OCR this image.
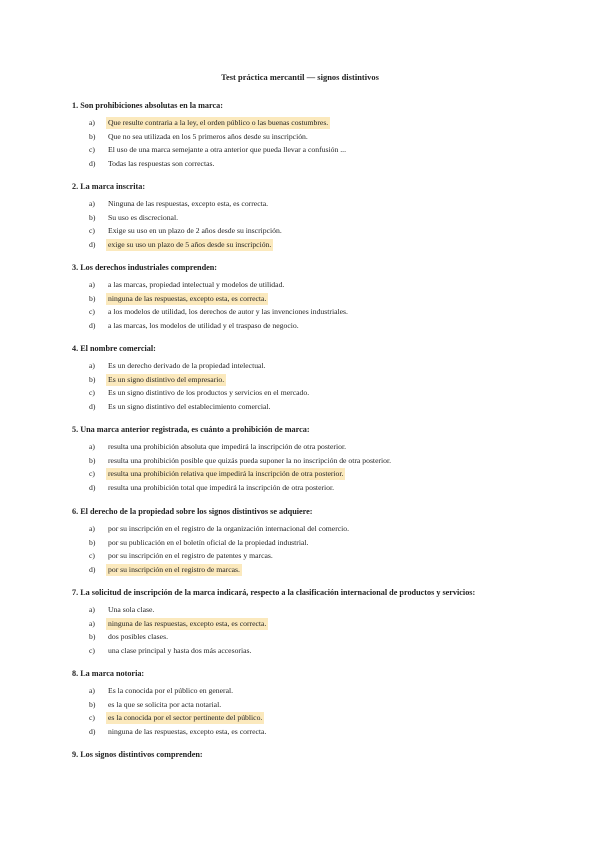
Test práctica mercantil — signos distintivos
1. Son prohibiciones absolutas en la marca:
a) Que resulte contraria a la ley, el orden público o las buenas costumbres.
b) Que no sea utilizada en los 5 primeros años desde su inscripción.
c) El uso de una marca semejante a otra anterior que pueda llevar a confusión ...
d) Todas las respuestas son correctas.
2. La marca inscrita:
a) Ninguna de las respuestas, excepto esta, es correcta.
b) Su uso es discrecional.
c) Exige su uso en un plazo de 2 años desde su inscripción.
d) exige su uso un plazo de 5 años desde su inscripción.
3. Los derechos industriales comprenden:
a) a las marcas, propiedad intelectual y modelos de utilidad.
b) ninguna de las respuestas, excepto esta, es correcta.
c) a los modelos de utilidad, los derechos de autor y las invenciones industriales.
d) a las marcas, los modelos de utilidad y el traspaso de negocio.
4. El nombre comercial:
a) Es un derecho derivado de la propiedad intelectual.
b) Es un signo distintivo del empresario.
c) Es un signo distintivo de los productos y servicios en el mercado.
d) Es un signo distintivo del establecimiento comercial.
5. Una marca anterior registrada, es cuánto a prohibición de marca:
a) resulta una prohibición absoluta que impedirá la inscripción de otra posterior.
b) resulta una prohibición posible que quizás pueda suponer la no inscripción de otra posterior.
c) resulta una prohibición relativa que impedirá la inscripción de otra posterior.
d) resulta una prohibición total que impedirá la inscripción de otra posterior.
6. El derecho de la propiedad sobre los signos distintivos se adquiere:
a) por su inscripción en el registro de la organización internacional del comercio.
b) por su publicación en el boletín oficial de la propiedad industrial.
c) por su inscripción en el registro de patentes y marcas.
d) por su inscripción en el registro de marcas.
7. La solicitud de inscripción de la marca indicará, respecto a la clasificación internacional de productos y servicios:
a) Una sola clase.
a) ninguna de las respuestas, excepto esta, es correcta.
b) dos posibles clases.
c) una clase principal y hasta dos más accesorias.
8. La marca notoria:
a) Es la conocida por el público en general.
b) es la que se solicita por acta notarial.
c) es la conocida por el sector pertinente del público.
d) ninguna de las respuestas, excepto esta, es correcta.
9. Los signos distintivos comprenden:
